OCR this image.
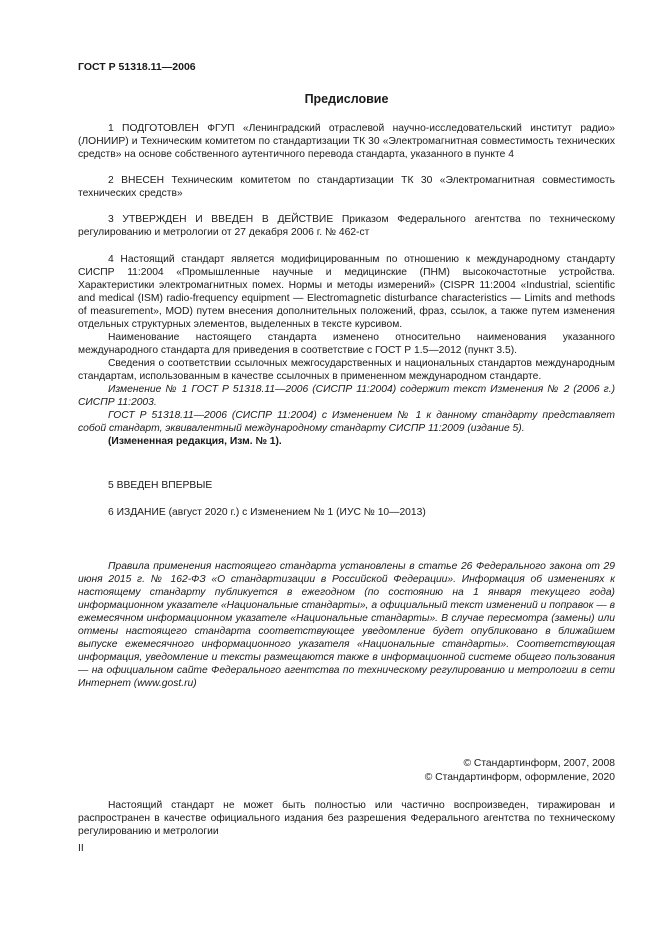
ГОСТ Р 51318.11—2006
Предисловие

1 ПОДГОТОВЛЕН ФГУП «Ленинградский отраслевой научно-исследовательский институт радио» (ЛОНИИР) и Техническим комитетом по стандартизации ТК 30 «Электромагнитная совместимость технических средств» на основе собственного аутентичного перевода стандарта, указанного в пункте 4

2 ВНЕСЕН Техническим комитетом по стандартизации ТК 30 «Электромагнитная совместимость технических средств»

3 УТВЕРЖДЕН И ВВЕДЕН В ДЕЙСТВИЕ Приказом Федерального агентства по техническому регулированию и метрологии от 27 декабря 2006 г. № 462-ст

4 Настоящий стандарт является модифицированным по отношению к международному стандарту СИСПР 11:2004 «Промышленные научные и медицинские (ПНМ) высокочастотные устройства. Характеристики электромагнитных помех. Нормы и методы измерений» (CISPR 11:2004 «Industrial, scientific and medical (ISM) radio-frequency equipment — Electromagnetic disturbance characteristics — Limits and methods of measurement», MOD) путем внесения дополнительных положений, фраз, ссылок, а также путем изменения отдельных структурных элементов, выделенных в тексте курсивом.

Наименование настоящего стандарта изменено относительно наименования указанного международного стандарта для приведения в соответствие с ГОСТ Р 1.5—2012 (пункт 3.5).

Сведения о соответствии ссылочных межгосударственных и национальных стандартов международным стандартам, использованным в качестве ссылочных в примененном международном стандарте.

Изменение № 1 ГОСТ Р 51318.11—2006 (СИСПР 11:2004) содержит текст Изменения № 2 (2006 г.) СИСПР 11:2003.

ГОСТ Р 51318.11—2006 (СИСПР 11:2004) с Изменением № 1 к данному стандарту представляет собой стандарт, эквивалентный международному стандарту СИСПР 11:2009 (издание 5).

(Измененная редакция, Изм. № 1).

5 ВВЕДЕН ВПЕРВЫЕ

6 ИЗДАНИЕ (август 2020 г.) с Изменением № 1 (ИУС № 10—2013)

Правила применения настоящего стандарта установлены в статье 26 Федерального закона от 29 июня 2015 г. № 162-ФЗ «О стандартизации в Российской Федерации». Информация об изменениях к настоящему стандарту публикуется в ежегодном (по состоянию на 1 января текущего года) информационном указателе «Национальные стандарты», а официальный текст изменений и поправок — в ежемесячном информационном указателе «Национальные стандарты». В случае пересмотра (замены) или отмены настоящего стандарта соответствующее уведомление будет опубликовано в ближайшем выпуске ежемесячного информационного указателя «Национальные стандарты». Соответствующая информация, уведомление и тексты размещаются также в информационной системе общего пользования — на официальном сайте Федерального агентства по техническому регулированию и метрологии в сети Интернет (www.gost.ru)

© Стандартинформ, 2007, 2008
© Стандартинформ, оформление, 2020

Настоящий стандарт не может быть полностью или частично воспроизведен, тиражирован и распространен в качестве официального издания без разрешения Федерального агентства по техническому регулированию и метрологии

II
